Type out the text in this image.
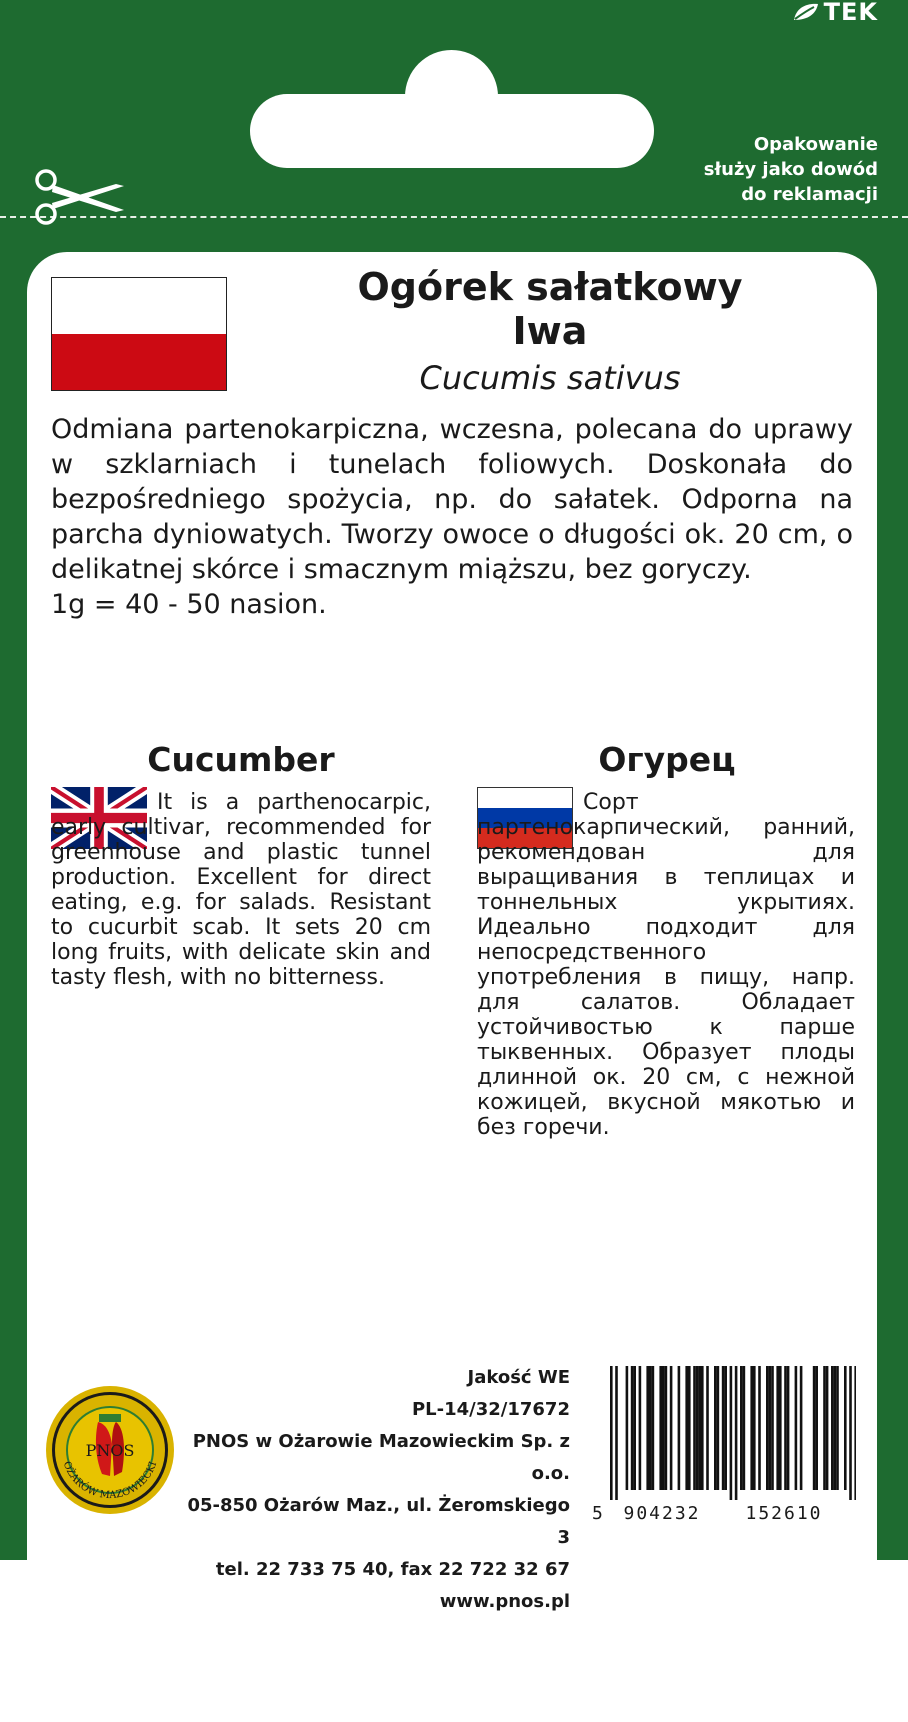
TEK
Opakowanie
służy jako dowód
do reklamacji
Ogórek sałatkowy
Iwa
Cucumis sativus

Odmiana partenokarpiczna, wczesna, polecana do uprawy w szklarniach i tunelach foliowych. Doskonała do bezpośredniego spożycia, np. do sałatek. Odporna na parcha dyniowatych. Tworzy owoce o długości ok. 20 cm, o delikatnej skórce i smacznym miąższu, bez goryczy.

1g = 40 - 50 nasion.

Cucumber	Огурец
It is a parthenocarpic, early cultivar, recommended for greenhouse and plastic tunnel production. Excellent for direct eating, e.g. for salads. Resistant to cucurbit scab. It sets 20 cm long fruits, with delicate skin and tasty flesh, with no bitterness.
Сорт партенокарпический, ранний, рекомендован для выращивания в теплицах и тоннельных укрытиях. Идеально подходит для непосредственного употребления в пищу, напр. для салатов. Обладает устойчивостью к парше тыквенных. Образует плоды длинной ок. 20 см, с нежной кожицей, вкусной мякотью и без горечи.
OŻARÓW MAZOWIECKI
PNOS
Jakość WE
PL-14/32/17672
PNOS w Ożarowie Mazowieckim Sp. z o.o.
05-850 Ożarów Maz., ul. Żeromskiego 3
tel. 22 733 75 40, fax 22 722 32 67
www.pnos.pl
5 904232 152610
